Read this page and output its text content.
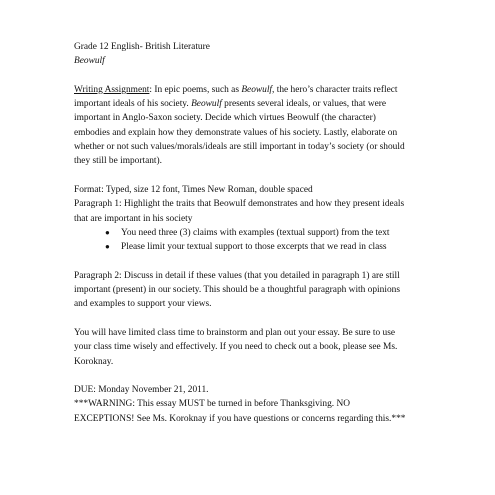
Grade 12 English- British Literature
Beowulf
Writing Assignment: In epic poems, such as Beowulf, the hero’s character traits reflect
important ideals of his society. Beowulf presents several ideals, or values, that were
important in Anglo-Saxon society. Decide which virtues Beowulf (the character)
embodies and explain how they demonstrate values of his society. Lastly, elaborate on
whether or not such values/morals/ideals are still important in today’s society (or should
they still be important).
Format: Typed, size 12 font, Times New Roman, double spaced
Paragraph 1: Highlight the traits that Beowulf demonstrates and how they present ideals
that are important in his society
● You need three (3) claims with examples (textual support) from the text
● Please limit your textual support to those excerpts that we read in class
Paragraph 2: Discuss in detail if these values (that you detailed in paragraph 1) are still
important (present) in our society. This should be a thoughtful paragraph with opinions
and examples to support your views.
You will have limited class time to brainstorm and plan out your essay. Be sure to use
your class time wisely and effectively. If you need to check out a book, please see Ms.
Koroknay.
DUE: Monday November 21, 2011.
***WARNING: This essay MUST be turned in before Thanksgiving. NO
EXCEPTIONS! See Ms. Koroknay if you have questions or concerns regarding this.***
